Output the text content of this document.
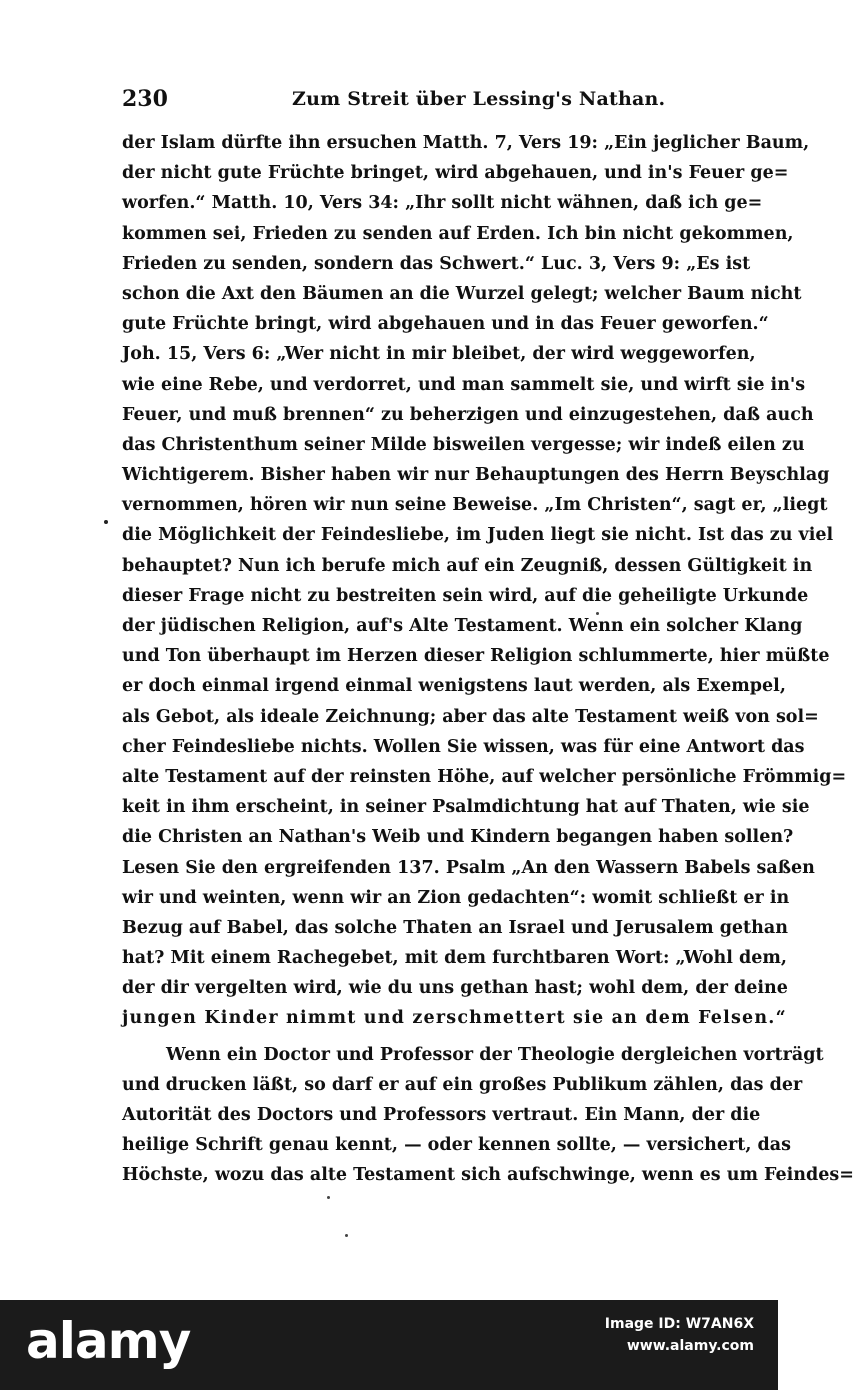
230	Zum Streit über Lessing's Nathan.
der Islam dürfte ihn ersuchen Matth. 7, Vers 19: „Ein jeglicher Baum,
der nicht gute Früchte bringet, wird abgehauen, und in's Feuer ge=
worfen.“ Matth. 10, Vers 34: „Ihr sollt nicht wähnen, daß ich ge=
kommen sei, Frieden zu senden auf Erden. Ich bin nicht gekommen,
Frieden zu senden, sondern das Schwert.“ Luc. 3, Vers 9: „Es ist
schon die Axt den Bäumen an die Wurzel gelegt; welcher Baum nicht
gute Früchte bringt, wird abgehauen und in das Feuer geworfen.“
Joh. 15, Vers 6: „Wer nicht in mir bleibet, der wird weggeworfen,
wie eine Rebe, und verdorret, und man sammelt sie, und wirft sie in's
Feuer, und muß brennen“ zu beherzigen und einzugestehen, daß auch
das Christenthum seiner Milde bisweilen vergesse; wir indeß eilen zu
Wichtigerem. Bisher haben wir nur Behauptungen des Herrn Beyschlag
vernommen, hören wir nun seine Beweise. „Im Christen“, sagt er, „liegt
die Möglichkeit der Feindesliebe, im Juden liegt sie nicht. Ist das zu viel
behauptet? Nun ich berufe mich auf ein Zeugniß, dessen Gültigkeit in
dieser Frage nicht zu bestreiten sein wird, auf die geheiligte Urkunde
der jüdischen Religion, auf's Alte Testament. Wenn ein solcher Klang
und Ton überhaupt im Herzen dieser Religion schlummerte, hier müßte
er doch einmal irgend einmal wenigstens laut werden, als Exempel,
als Gebot, als ideale Zeichnung; aber das alte Testament weiß von sol=
cher Feindesliebe nichts. Wollen Sie wissen, was für eine Antwort das
alte Testament auf der reinsten Höhe, auf welcher persönliche Frömmig=
keit in ihm erscheint, in seiner Psalmdichtung hat auf Thaten, wie sie
die Christen an Nathan's Weib und Kindern begangen haben sollen?
Lesen Sie den ergreifenden 137. Psalm „An den Wassern Babels saßen
wir und weinten, wenn wir an Zion gedachten“: womit schließt er in
Bezug auf Babel, das solche Thaten an Israel und Jerusalem gethan
hat? Mit einem Rachegebet, mit dem furchtbaren Wort: „Wohl dem,
der dir vergelten wird, wie du uns gethan hast; wohl dem, der deine
jungen Kinder nimmt und zerschmettert sie an dem Felsen.“
Wenn ein Doctor und Professor der Theologie dergleichen vorträgt
und drucken läßt, so darf er auf ein großes Publikum zählen, das der
Autorität des Doctors und Professors vertraut. Ein Mann, der die
heilige Schrift genau kennt, — oder kennen sollte, — versichert, das
Höchste, wozu das alte Testament sich aufschwinge, wenn es um Feindes=
alamy	Image ID: W7AN6X
www.alamy.com
